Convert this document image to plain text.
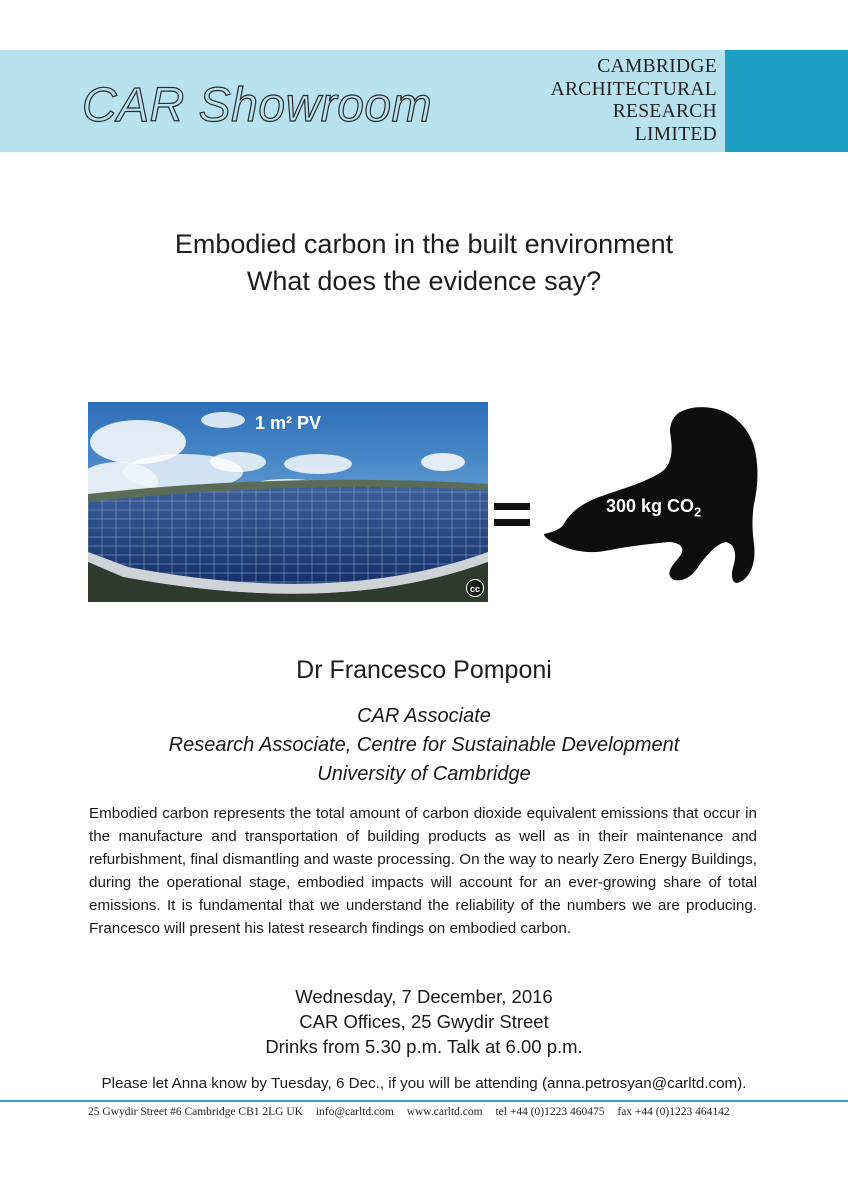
CAR Showroom
CAMBRIDGE
ARCHITECTURAL
RESEARCH
LIMITED
Embodied carbon in the built environment
What does the evidence say?
1 m² PV
cc
300 kg $CO_2$
Dr Francesco Pomponi
CAR Associate
Research Associate, Centre for Sustainable Development
University of Cambridge
Embodied carbon represents the total amount of carbon dioxide equivalent emissions that occur in the manufacture and transportation of building products as well as in their maintenance and refurbishment, final dismantling and waste processing. On the way to nearly Zero Energy Buildings, during the operational stage, embodied impacts will account for an ever-growing share of total emissions. It is fundamental that we understand the reliability of the numbers we are producing. Francesco will present his latest research findings on embodied carbon.
Wednesday, 7 December, 2016
CAR Offices, 25 Gwydir Street
Drinks from 5.30 p.m. Talk at 6.00 p.m.
Please let Anna know by Tuesday, 6 Dec., if you will be attending (anna.petrosyan@carltd.com).
25 Gwydir Street #6 Cambridge CB1 2LG UK info@carltd.com www.carltd.com tel +44 (0)1223 460475 fax +44 (0)1223 464142
